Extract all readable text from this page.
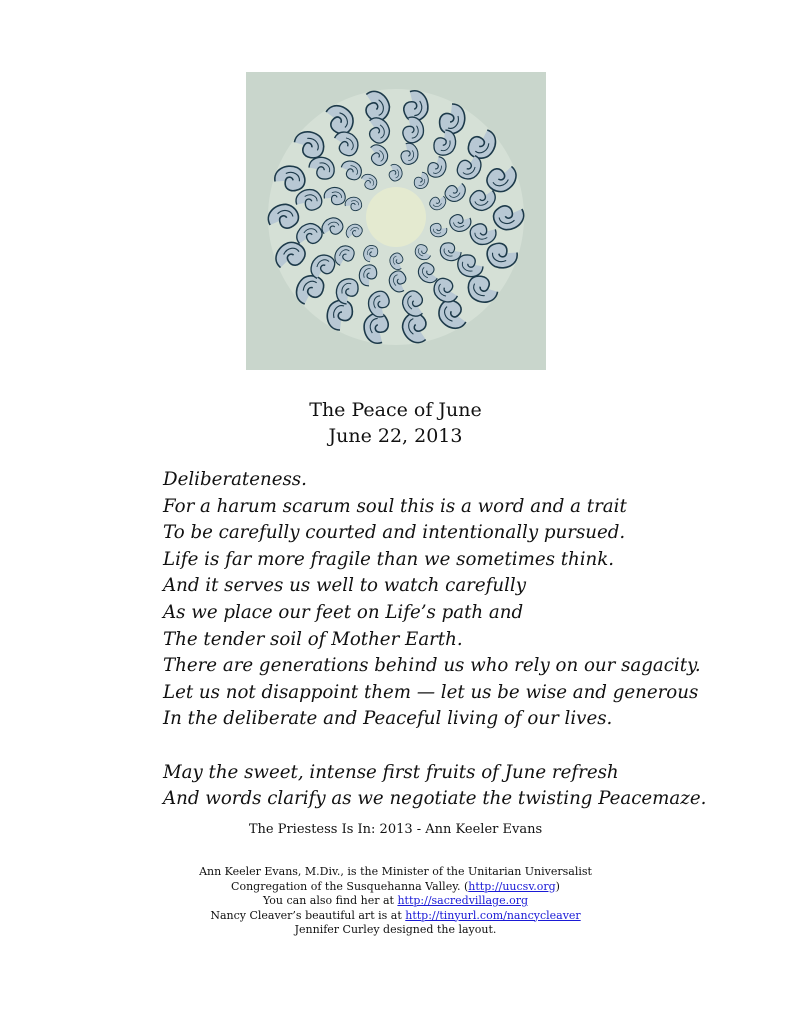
The Peace of June
June 22, 2013
Deliberateness.
For a harum scarum soul this is a word and a trait
To be carefully courted and intentionally pursued.
Life is far more fragile than we sometimes think.
And it serves us well to watch carefully
As we place our feet on Life’s path and
The tender soil of Mother Earth.
There are generations behind us who rely on our sagacity.
Let us not disappoint them — let us be wise and generous
In the deliberate and Peaceful living of our lives.
May the sweet, intense first fruits of June refresh
And words clarify as we negotiate the twisting Peacemaze.
The Priestess Is In: 2013 - Ann Keeler Evans
Ann Keeler Evans, M.Div., is the Minister of the Unitarian Universalist
Congregation of the Susquehanna Valley. (http://uucsv.org)
You can also find her at http://sacredvillage.org
Nancy Cleaver’s beautiful art is at http://tinyurl.com/nancycleaver
Jennifer Curley designed the layout.
